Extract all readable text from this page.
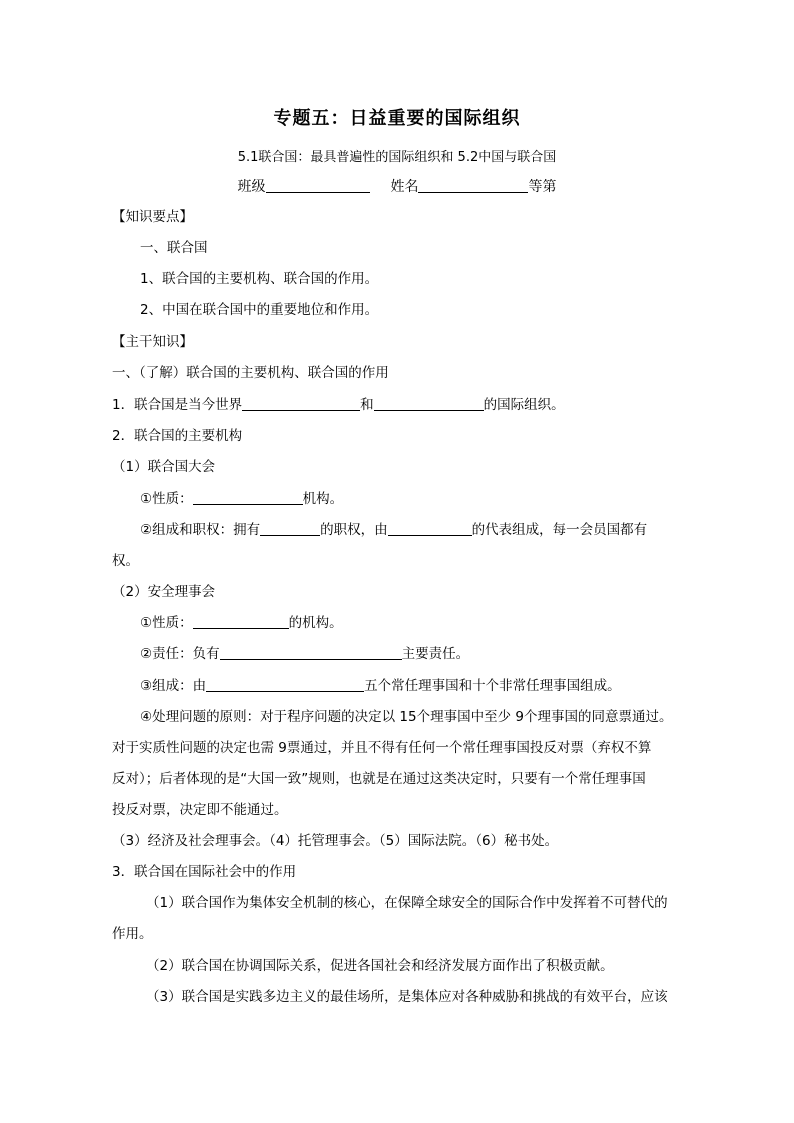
专题五：日益重要的国际组织
5.1联合国：最具普遍性的国际组织和 5.2中国与联合国
班级	姓名	等第
【知识要点】
一、联合国
1、联合国的主要机构、联合国的作用。
2、中国在联合国中的重要地位和作用。
【主干知识】
一、（了解）联合国的主要机构、联合国的作用
1．联合国是当今世界	和	的国际组织。
2．联合国的主要机构
（1）联合国大会
①性质：	机构。
②组成和职权：拥有	的职权，由	的代表组成，每一会员国都有
权。
（2）安全理事会
①性质：	的机构。
②责任：负有	主要责任。
③组成：由	五个常任理事国和十个非常任理事国组成。
④处理问题的原则：对于程序问题的决定以 15个理事国中至少 9个理事国的同意票通过。
对于实质性问题的决定也需 9票通过，并且不得有任何一个常任理事国投反对票（弃权不算
反对）；后者体现的是“大国一致”规则，也就是在通过这类决定时，只要有一个常任理事国
投反对票，决定即不能通过。
（3）经济及社会理事会。（4）托管理事会。（5）国际法院。（6）秘书处。
3．联合国在国际社会中的作用
（1）联合国作为集体安全机制的核心，在保障全球安全的国际合作中发挥着不可替代的
作用。
（2）联合国在协调国际关系，促进各国社会和经济发展方面作出了积极贡献。
（3）联合国是实践多边主义的最佳场所，是集体应对各种威胁和挑战的有效平台，应该
